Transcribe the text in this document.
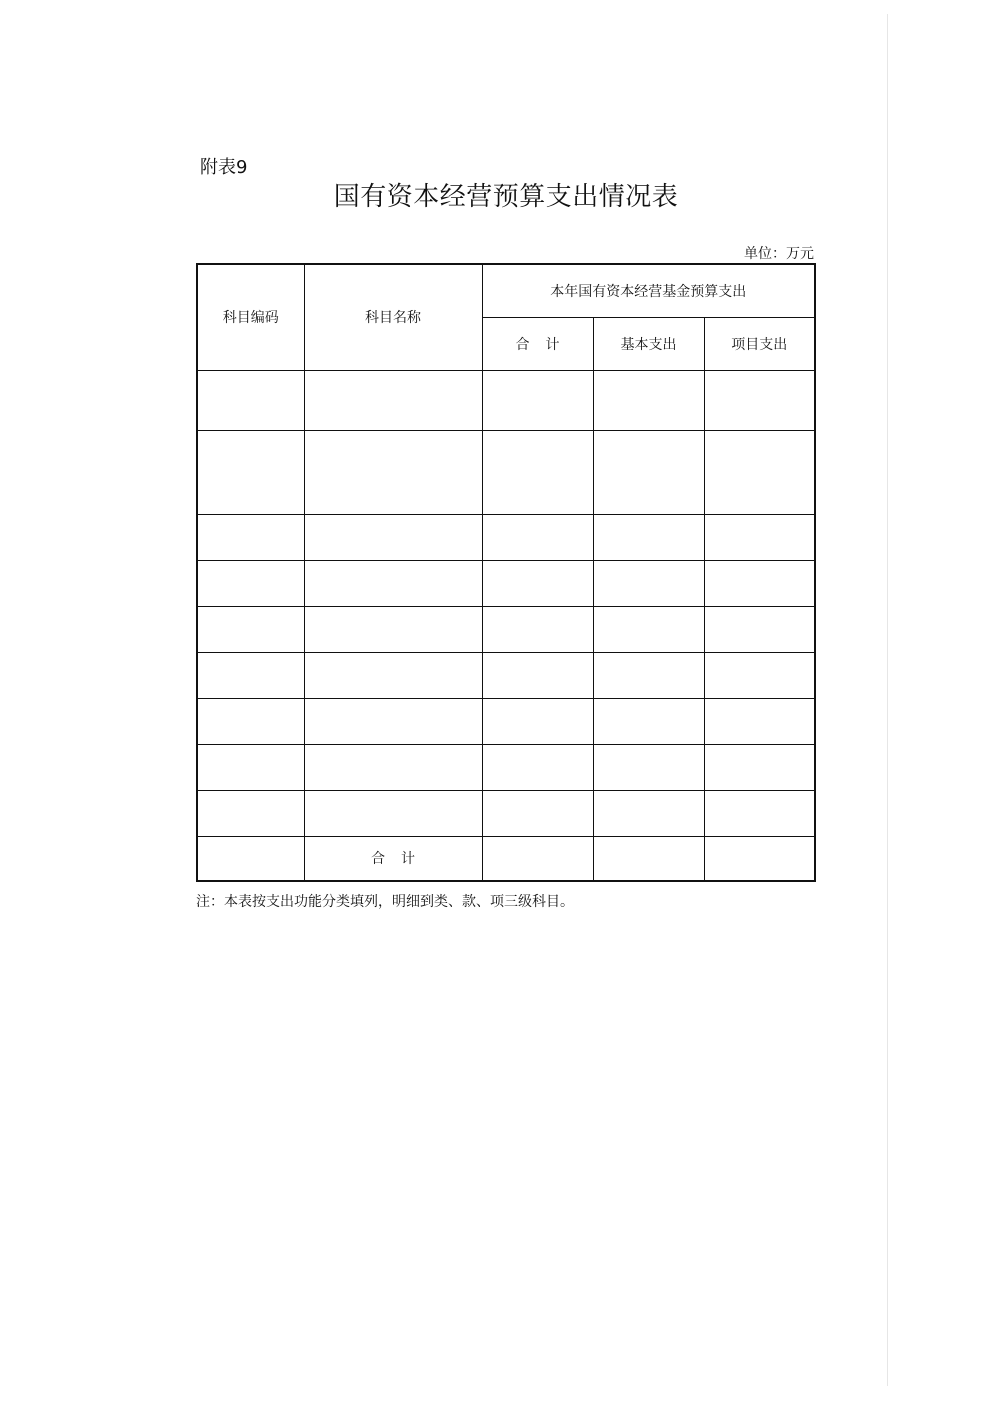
附表9
国有资本经营预算支出情况表
单位：万元
科目编码	科目名称	本年国有资本经营基金预算支出		
		合计	基本支出	项目支出

	合计			
注：本表按支出功能分类填列，明细到类、款、项三级科目。
